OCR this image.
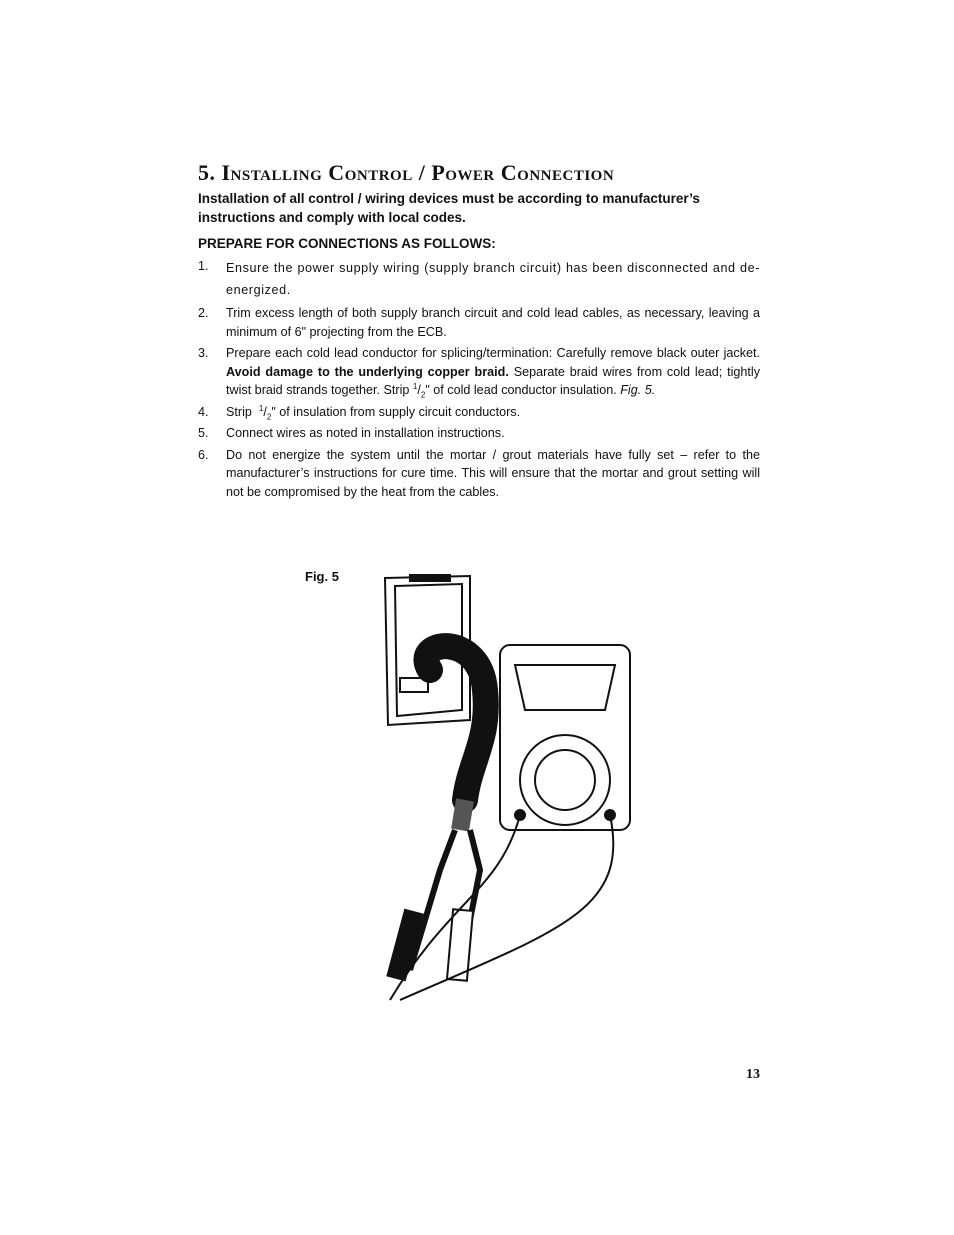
5. Installing Control / Power Connection
Installation of all control / wiring devices must be according to manufacturer’s instructions and comply with local codes.
PREPARE FOR CONNECTIONS AS FOLLOWS:
1. Ensure the power supply wiring (supply branch circuit) has been disconnected and de-energized.
2. Trim excess length of both supply branch circuit and cold lead cables, as necessary, leaving a minimum of 6" projecting from the ECB.
3. Prepare each cold lead conductor for splicing/termination: Carefully remove black outer jacket. Avoid damage to the underlying copper braid. Separate braid wires from cold lead; tightly twist braid strands together. Strip $^1/_2$" of cold lead conductor insulation. Fig. 5.
4. Strip $^1/_2$" of insulation from supply circuit conductors.
5. Connect wires as noted in installation instructions.
6. Do not energize the system until the mortar / grout materials have fully set – refer to the manufacturer’s instructions for cure time. This will ensure that the mortar and grout setting will not be compromised by the heat from the cables.
Fig. 5
13
